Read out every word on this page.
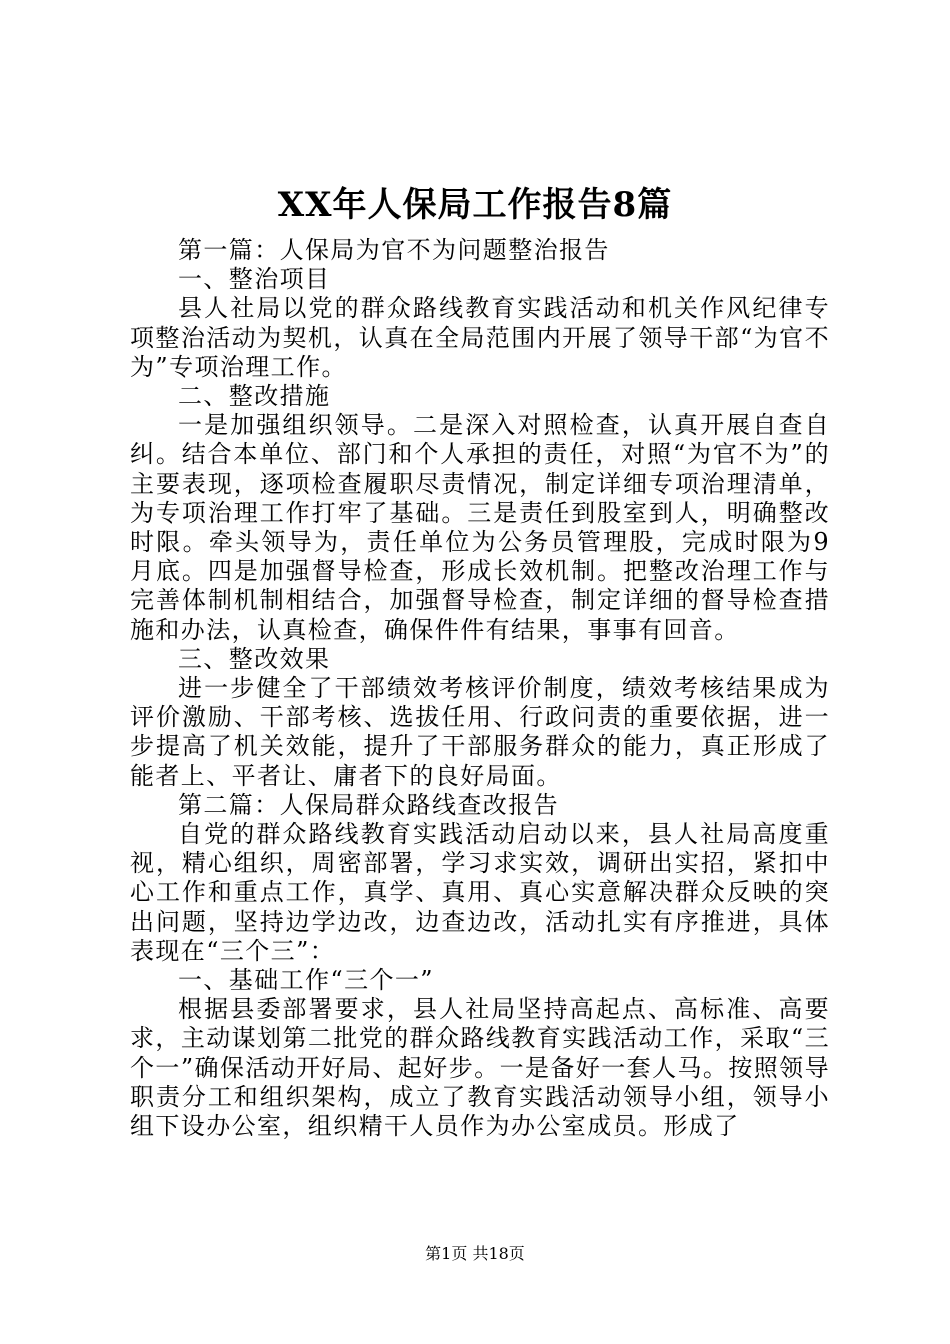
XX年人保局工作报告8篇

第一篇：人保局为官不为问题整治报告

一、整治项目

县人社局以党的群众路线教育实践活动和机关作风纪律专项整治活动为契机，认真在全局范围内开展了领导干部“为官不为”专项治理工作。

二、整改措施

一是加强组织领导。二是深入对照检查，认真开展自查自纠。结合本单位、部门和个人承担的责任，对照“为官不为”的主要表现，逐项检查履职尽责情况，制定详细专项治理清单，为专项治理工作打牢了基础。三是责任到股室到人，明确整改时限。牵头领导为，责任单位为公务员管理股，完成时限为9月底。四是加强督导检查，形成长效机制。把整改治理工作与完善体制机制相结合，加强督导检查，制定详细的督导检查措施和办法，认真检查，确保件件有结果，事事有回音。

三、整改效果

进一步健全了干部绩效考核评价制度，绩效考核结果成为评价激励、干部考核、选拔任用、行政问责的重要依据，进一步提高了机关效能，提升了干部服务群众的能力，真正形成了能者上、平者让、庸者下的良好局面。

第二篇：人保局群众路线查改报告

自党的群众路线教育实践活动启动以来，县人社局高度重视，精心组织，周密部署，学习求实效，调研出实招，紧扣中心工作和重点工作，真学、真用、真心实意解决群众反映的突出问题，坚持边学边改，边查边改，活动扎实有序推进，具体表现在“三个三”：

一、基础工作“三个一”

根据县委部署要求，县人社局坚持高起点、高标准、高要求，主动谋划第二批党的群众路线教育实践活动工作，采取“三个一”确保活动开好局、起好步。一是备好一套人马。按照领导职责分工和组织架构，成立了教育实践活动领导小组，领导小组下设办公室，组织精干人员作为办公室成员。形成了

第1页 共18页
